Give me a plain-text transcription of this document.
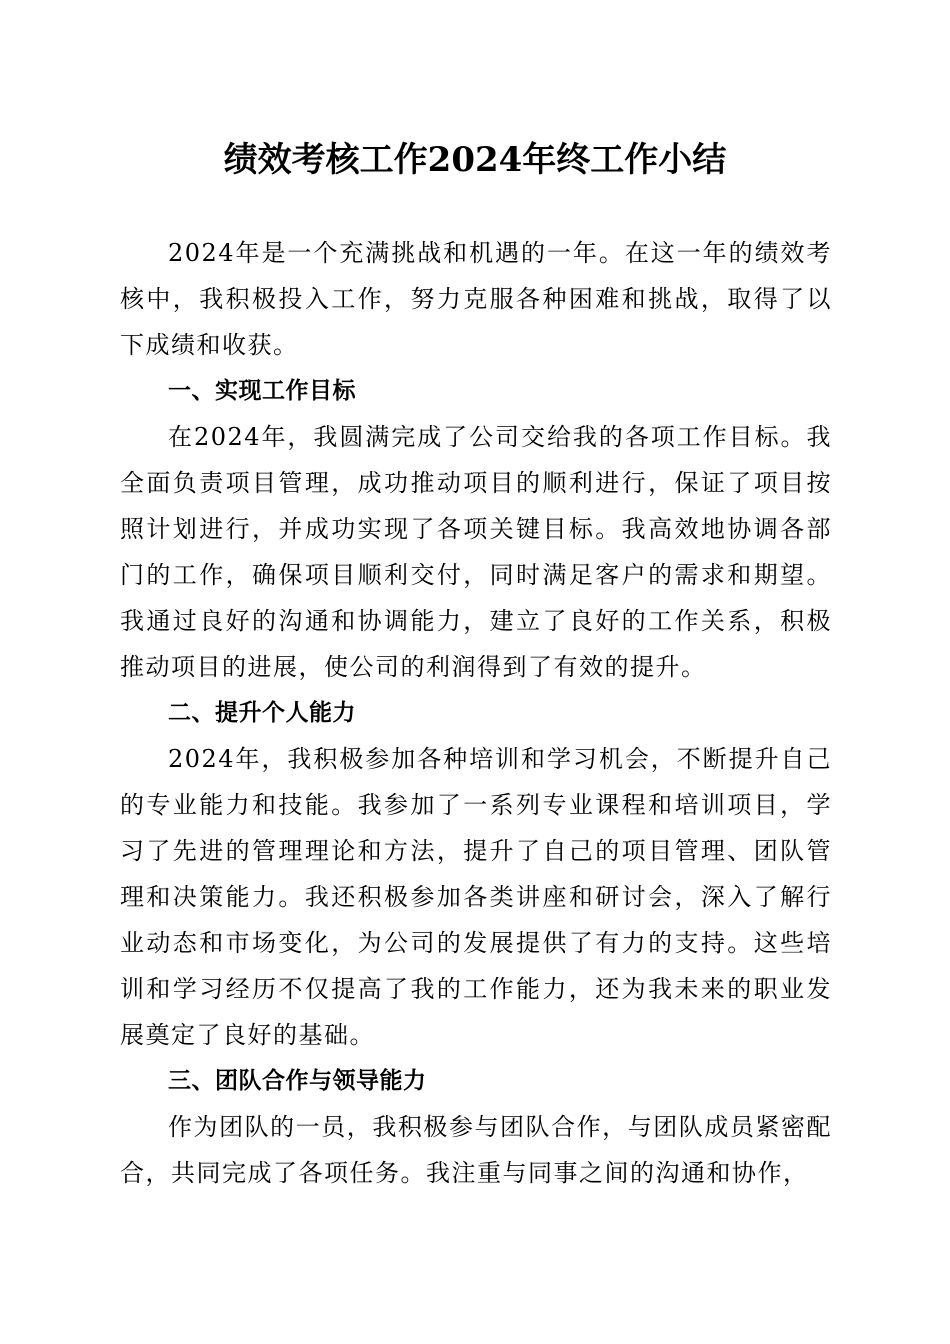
绩效考核工作2024年终工作小结

2024年是一个充满挑战和机遇的一年。在这一年的绩效考核中，我积极投入工作，努力克服各种困难和挑战，取得了以下成绩和收获。

一、实现工作目标

在2024年，我圆满完成了公司交给我的各项工作目标。我全面负责项目管理，成功推动项目的顺利进行，保证了项目按照计划进行，并成功实现了各项关键目标。我高效地协调各部门的工作，确保项目顺利交付，同时满足客户的需求和期望。我通过良好的沟通和协调能力，建立了良好的工作关系，积极推动项目的进展，使公司的利润得到了有效的提升。

二、提升个人能力

2024年，我积极参加各种培训和学习机会，不断提升自己的专业能力和技能。我参加了一系列专业课程和培训项目，学习了先进的管理理论和方法，提升了自己的项目管理、团队管理和决策能力。我还积极参加各类讲座和研讨会，深入了解行业动态和市场变化，为公司的发展提供了有力的支持。这些培训和学习经历不仅提高了我的工作能力，还为我未来的职业发展奠定了良好的基础。

三、团队合作与领导能力

作为团队的一员，我积极参与团队合作，与团队成员紧密配合，共同完成了各项任务。我注重与同事之间的沟通和协作，
